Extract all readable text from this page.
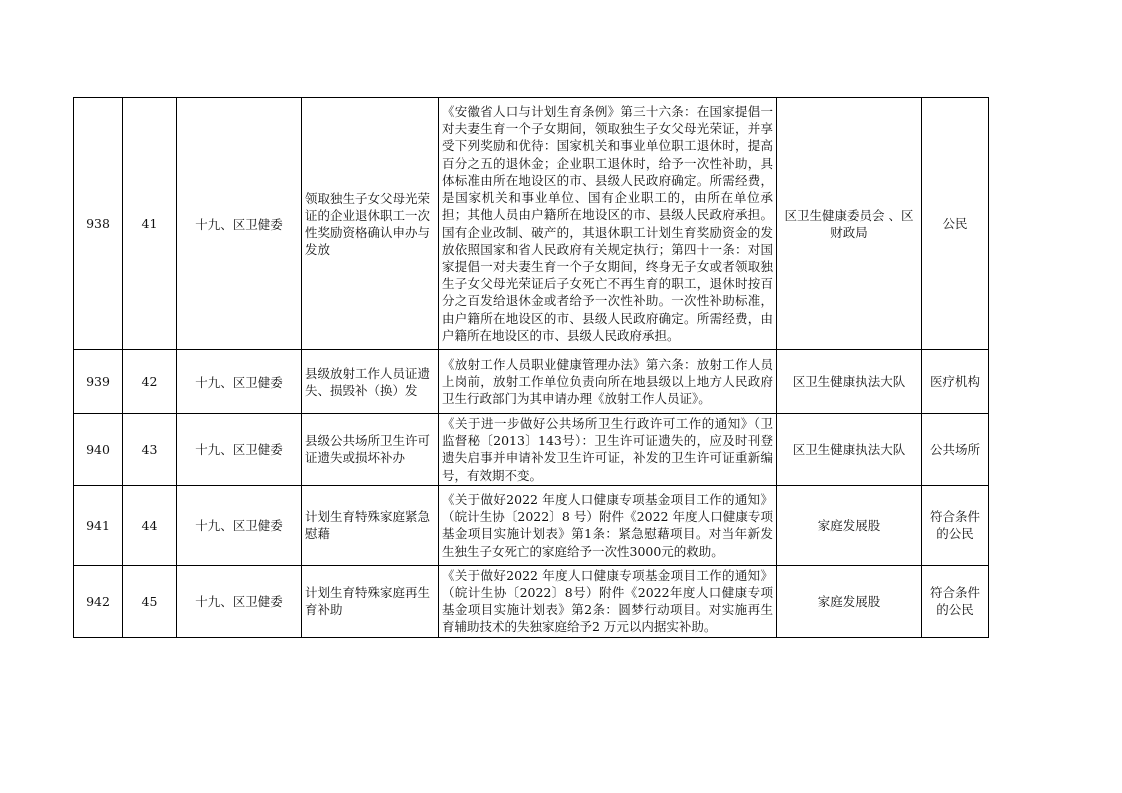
938	41	十九、区卫健委	领取独生子女父母光荣证的企业退休职工一次性奖励资格确认申办与发放	《安徽省人口与计划生育条例》第三十六条：在国家提倡一对夫妻生育一个子女期间，领取独生子女父母光荣证，并享受下列奖励和优待：国家机关和事业单位职工退休时，提高百分之五的退休金；企业职工退休时，给予一次性补助，具体标准由所在地设区的市、县级人民政府确定。所需经费，是国家机关和事业单位、国有企业职工的，由所在单位承担；其他人员由户籍所在地设区的市、县级人民政府承担。国有企业改制、破产的，其退休职工计划生育奖励资金的发放依照国家和省人民政府有关规定执行；第四十一条：对国家提倡一对夫妻生育一个子女期间，终身无子女或者领取独生子女父母光荣证后子女死亡不再生育的职工，退休时按百分之百发给退休金或者给予一次性补助。一次性补助标准，由户籍所在地设区的市、县级人民政府确定。所需经费，由户籍所在地设区的市、县级人民政府承担。	区卫生健康委员会 、区财政局	公民
939	42	十九、区卫健委	县级放射工作人员证遗失、损毁补（换）发	《放射工作人员职业健康管理办法》第六条：放射工作人员上岗前，放射工作单位负责向所在地县级以上地方人民政府卫生行政部门为其申请办理《放射工作人员证》。	区卫生健康执法大队	医疗机构
940	43	十九、区卫健委	县级公共场所卫生许可证遗失或损坏补办	《关于进一步做好公共场所卫生行政许可工作的通知》（卫监督秘〔2013〕143号）：卫生许可证遗失的，应及时刊登遗失启事并申请补发卫生许可证，补发的卫生许可证重新编号，有效期不变。	区卫生健康执法大队	公共场所
941	44	十九、区卫健委	计划生育特殊家庭紧急慰藉	《关于做好2022 年度人口健康专项基金项目工作的通知》（皖计生协〔2022〕8 号）附件《2022 年度人口健康专项基金项目实施计划表》第1条：紧急慰藉项目。对当年新发生独生子女死亡的家庭给予一次性3000元的救助。	家庭发展股	符合条件的公民
942	45	十九、区卫健委	计划生育特殊家庭再生育补助	《关于做好2022 年度人口健康专项基金项目工作的通知》（皖计生协〔2022〕8号）附件《2022年度人口健康专项基金项目实施计划表》第2条：圆梦行动项目。对实施再生育辅助技术的失独家庭给予2 万元以内据实补助。	家庭发展股	符合条件的公民
